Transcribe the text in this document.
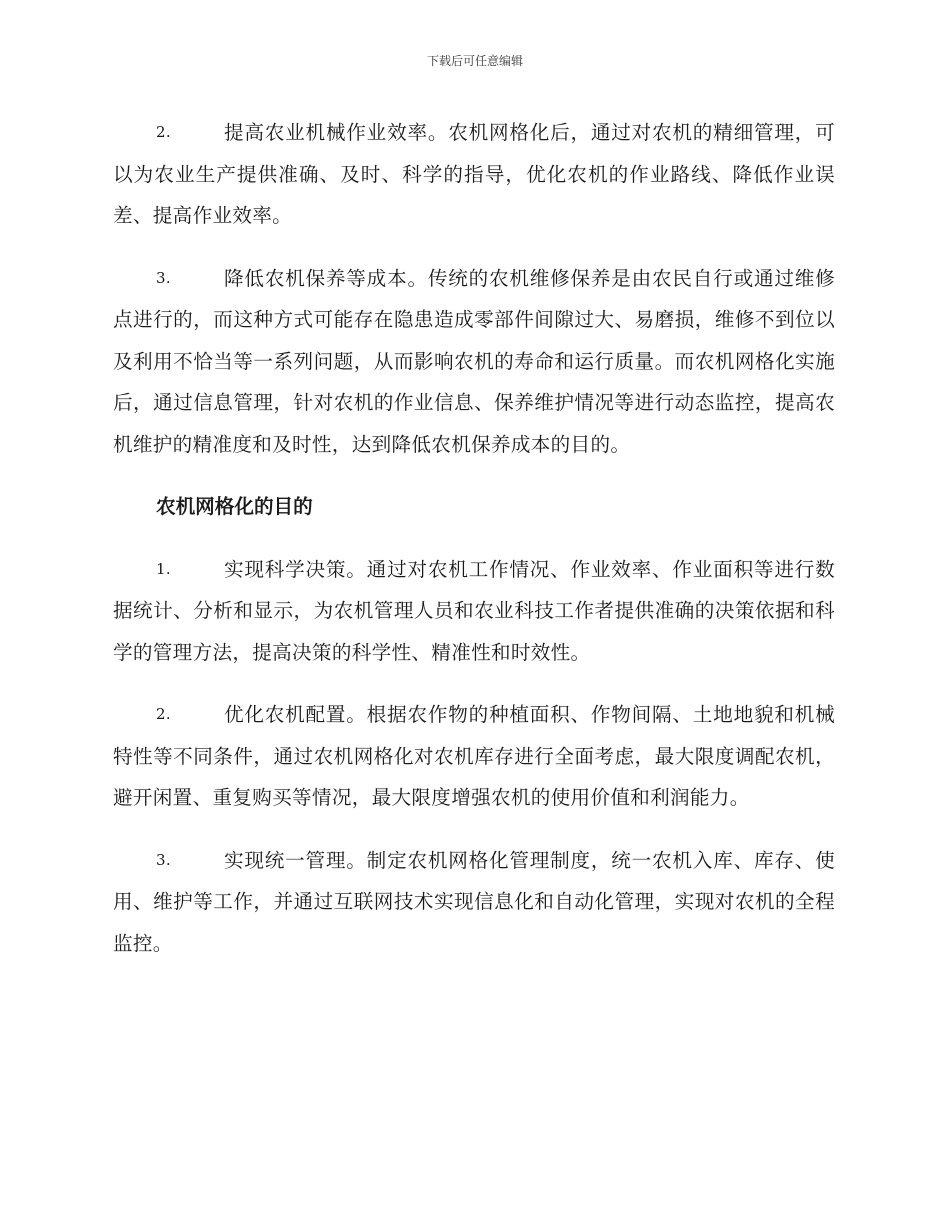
下载后可任意编辑

2.	提高农业机械作业效率。农机网格化后，通过对农机的精细管理，可以为农业生产提供准确、及时、科学的指导，优化农机的作业路线、降低作业误差、提高作业效率。

3.	降低农机保养等成本。传统的农机维修保养是由农民自行或通过维修点进行的，而这种方式可能存在隐患造成零部件间隙过大、易磨损，维修不到位以及利用不恰当等一系列问题，从而影响农机的寿命和运行质量。而农机网格化实施后，通过信息管理，针对农机的作业信息、保养维护情况等进行动态监控，提高农机维护的精准度和及时性，达到降低农机保养成本的目的。

农机网格化的目的

1.	实现科学决策。通过对农机工作情况、作业效率、作业面积等进行数据统计、分析和显示，为农机管理人员和农业科技工作者提供准确的决策依据和科学的管理方法，提高决策的科学性、精准性和时效性。

2.	优化农机配置。根据农作物的种植面积、作物间隔、土地地貌和机械特性等不同条件，通过农机网格化对农机库存进行全面考虑，最大限度调配农机，避开闲置、重复购买等情况，最大限度增强农机的使用价值和利润能力。

3.	实现统一管理。制定农机网格化管理制度，统一农机入库、库存、使用、维护等工作，并通过互联网技术实现信息化和自动化管理，实现对农机的全程监控。
